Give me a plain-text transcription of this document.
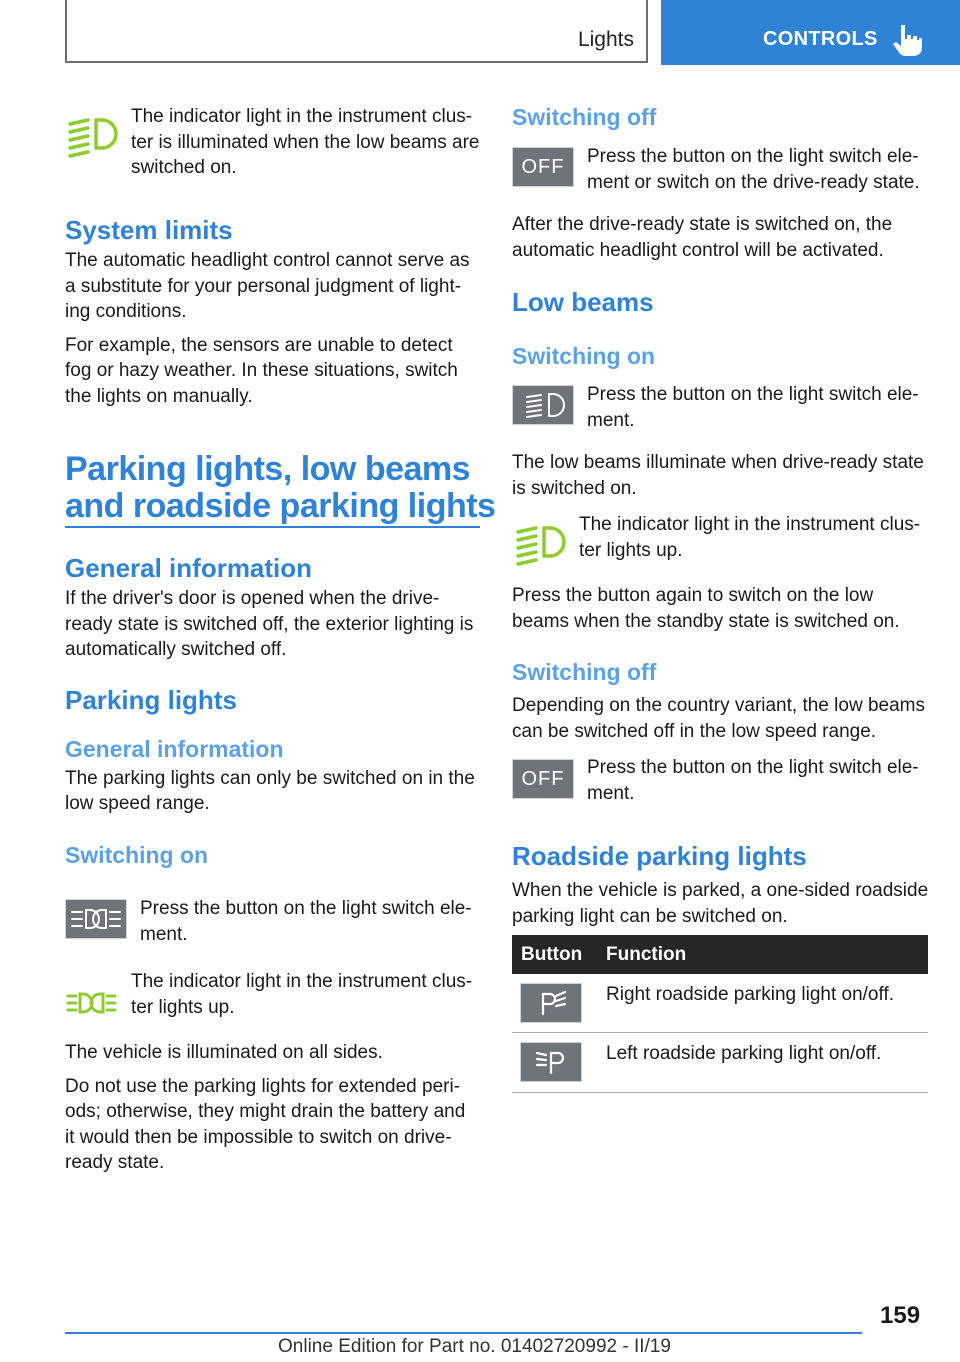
Lights	CONTROLS

The indicator light in the instrument clus‐ ter is illuminated when the low beams are switched on.

System limits

The automatic headlight control cannot serve as a substitute for your personal judgment of light‐ ing conditions.

For example, the sensors are unable to detect fog or hazy weather. In these situations, switch the lights on manually.

Parking lights, low beams
and roadside parking lights
General information

If the driver's door is opened when the drive‐ ready state is switched off, the exterior lighting is automatically switched off.

Parking lights
General information

The parking lights can only be switched on in the low speed range.

Switching on

Press the button on the light switch ele‐ ment.

The indicator light in the instrument clus‐ ter lights up.

The vehicle is illuminated on all sides.

Do not use the parking lights for extended peri‐ ods; otherwise, they might drain the battery and it would then be impossible to switch on drive‐ ready state.

Switching off
OFF	Press the button on the light switch ele‐ ment or switch on the drive-ready state.

After the drive-ready state is switched on, the automatic headlight control will be activated.

Low beams
Switching on

Press the button on the light switch ele‐ ment.

The low beams illuminate when drive-ready state is switched on.

The indicator light in the instrument clus‐ ter lights up.

Press the button again to switch on the low beams when the standby state is switched on.

Switching off

Depending on the country variant, the low beams can be switched off in the low speed range.

OFF

Press the button on the light switch ele‐ ment.

Roadside parking lights

When the vehicle is parked, a one-sided roadside parking light can be switched on.

Button Function

Right roadside parking light on/off.

Left roadside parking light on/off.

159
Online Edition for Part no. 01402720992 - II/19
